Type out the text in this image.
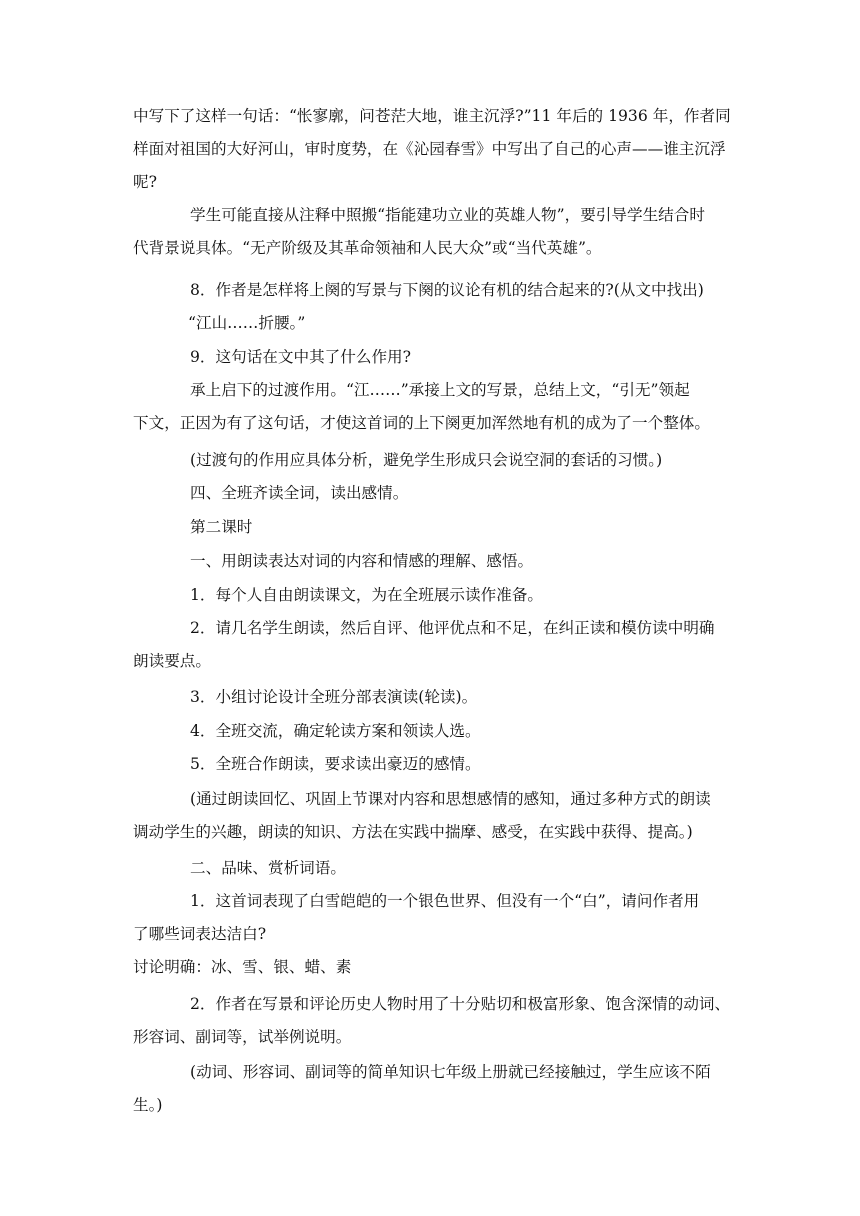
中写下了这样一句话：“怅寥廓，问苍茫大地，谁主沉浮?”11 年后的 1936 年，作者同
样面对祖国的大好河山，审时度势，在《沁园春雪》中写出了自己的心声——谁主沉浮
呢?

学生可能直接从注释中照搬“指能建功立业的英雄人物”，要引导学生结合时
代背景说具体。“无产阶级及其革命领袖和人民大众”或“当代英雄”。

8．作者是怎样将上阕的写景与下阕的议论有机的结合起来的?(从文中找出)

“江山……折腰。”

9．这句话在文中其了什么作用?

承上启下的过渡作用。“江……”承接上文的写景，总结上文，“引无”领起
下文，正因为有了这句话，才使这首词的上下阕更加浑然地有机的成为了一个整体。

(过渡句的作用应具体分析，避免学生形成只会说空洞的套话的习惯。)

四、全班齐读全词，读出感情。

第二课时

一、用朗读表达对词的内容和情感的理解、感悟。

1．每个人自由朗读课文，为在全班展示读作准备。

2．请几名学生朗读，然后自评、他评优点和不足，在纠正读和模仿读中明确
朗读要点。

3．小组讨论设计全班分部表演读(轮读)。

4．全班交流，确定轮读方案和领读人选。

5．全班合作朗读，要求读出豪迈的感情。

(通过朗读回忆、巩固上节课对内容和思想感情的感知，通过多种方式的朗读
调动学生的兴趣，朗读的知识、方法在实践中揣摩、感受，在实践中获得、提高。)

二、品味、赏析词语。

1．这首词表现了白雪皑皑的一个银色世界、但没有一个“白”，请问作者用
了哪些词表达洁白?

讨论明确：冰、雪、银、蜡、素

2．作者在写景和评论历史人物时用了十分贴切和极富形象、饱含深情的动词、
形容词、副词等，试举例说明。

(动词、形容词、副词等的简单知识七年级上册就已经接触过，学生应该不陌
生。)
